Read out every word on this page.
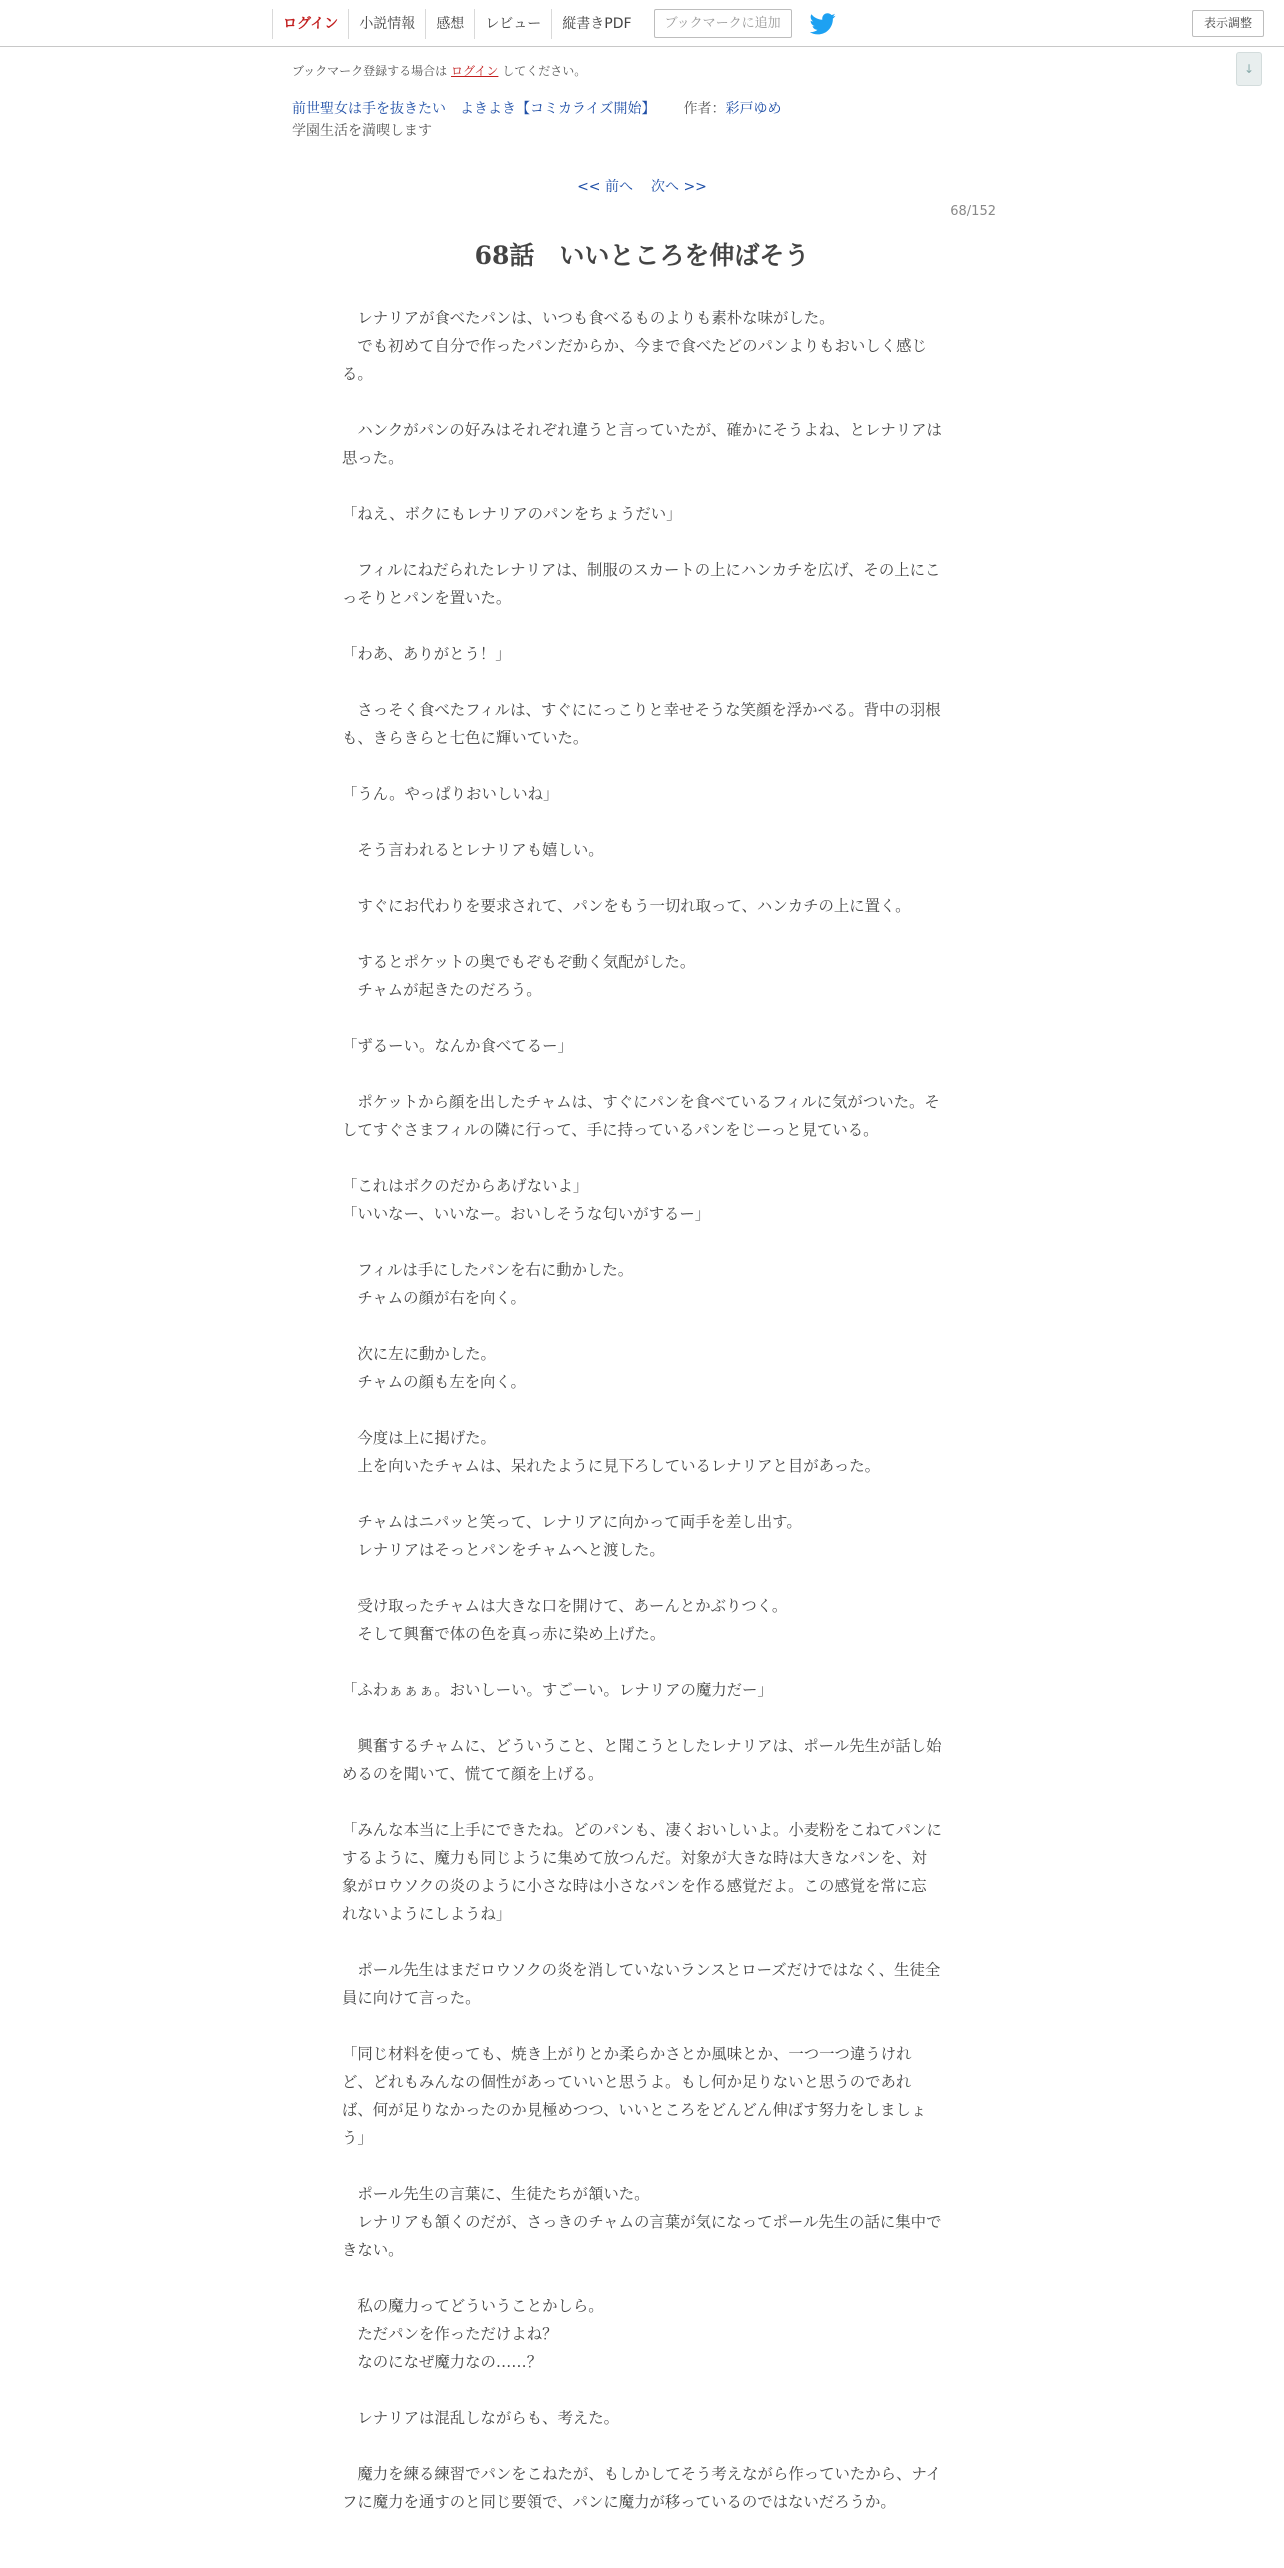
ログイン	小説情報	感想	レビュー	縦書きPDF	ブックマークに追加	表示調整
↓
ブックマーク登録する場合は ログイン してください。
前世聖女は手を抜きたい　よきよき【コミカライズ開始】 作者：彩戸ゆめ
学園生活を満喫します
<< 前へ 次へ >>
68/152
68話　いいところを伸ばそう

　レナリアが食べたパンは、いつも食べるものよりも素朴な味がした。

　でも初めて自分で作ったパンだからか、今まで食べたどのパンよりもおいしく感じる。

　ハンクがパンの好みはそれぞれ違うと言っていたが、確かにそうよね、とレナリアは思った。

「ねえ、ボクにもレナリアのパンをちょうだい」

　フィルにねだられたレナリアは、制服のスカートの上にハンカチを広げ、その上にこっそりとパンを置いた。

「わあ、ありがとう！」

　さっそく食べたフィルは、すぐににっこりと幸せそうな笑顔を浮かべる。背中の羽根も、きらきらと七色に輝いていた。

「うん。やっぱりおいしいね」

　そう言われるとレナリアも嬉しい。

　すぐにお代わりを要求されて、パンをもう一切れ取って、ハンカチの上に置く。

　するとポケットの奥でもぞもぞ動く気配がした。

　チャムが起きたのだろう。

「ずるーい。なんか食べてるー」

　ポケットから顔を出したチャムは、すぐにパンを食べているフィルに気がついた。そしてすぐさまフィルの隣に行って、手に持っているパンをじーっと見ている。

「これはボクのだからあげないよ」

「いいなー、いいなー。おいしそうな匂いがするー」

　フィルは手にしたパンを右に動かした。

　チャムの顔が右を向く。

　次に左に動かした。

　チャムの顔も左を向く。

　今度は上に掲げた。

　上を向いたチャムは、呆れたように見下ろしているレナリアと目があった。

　チャムはニパッと笑って、レナリアに向かって両手を差し出す。

　レナリアはそっとパンをチャムへと渡した。

　受け取ったチャムは大きな口を開けて、あーんとかぶりつく。

　そして興奮で体の色を真っ赤に染め上げた。

「ふわぁぁぁ。おいしーい。すごーい。レナリアの魔力だー」

　興奮するチャムに、どういうこと、と聞こうとしたレナリアは、ポール先生が話し始めるのを聞いて、慌てて顔を上げる。

「みんな本当に上手にできたね。どのパンも、凄くおいしいよ。小麦粉をこねてパンにするように、魔力も同じように集めて放つんだ。対象が大きな時は大きなパンを、対象がロウソクの炎のように小さな時は小さなパンを作る感覚だよ。この感覚を常に忘れないようにしようね」

　ポール先生はまだロウソクの炎を消していないランスとローズだけではなく、生徒全員に向けて言った。

「同じ材料を使っても、焼き上がりとか柔らかさとか風味とか、一つ一つ違うけれど、どれもみんなの個性があっていいと思うよ。もし何か足りないと思うのであれば、何が足りなかったのか見極めつつ、いいところをどんどん伸ばす努力をしましょう」

　ポール先生の言葉に、生徒たちが頷いた。

　レナリアも頷くのだが、さっきのチャムの言葉が気になってポール先生の話に集中できない。

　私の魔力ってどういうことかしら。

　ただパンを作っただけよね？

　なのになぜ魔力なの……？

　レナリアは混乱しながらも、考えた。

　魔力を練る練習でパンをこねたが、もしかしてそう考えながら作っていたから、ナイフに魔力を通すのと同じ要領で、パンに魔力が移っているのではないだろうか。
